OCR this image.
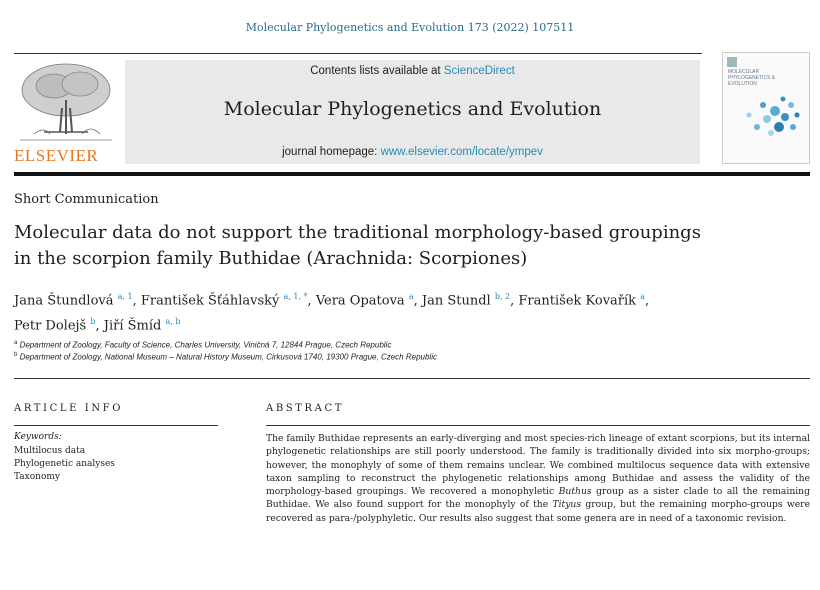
Molecular Phylogenetics and Evolution 173 (2022) 107511
ELSEVIER
Contents lists available at ScienceDirect
Molecular Phylogenetics and Evolution
journal homepage: www.elsevier.com/locate/ympev
MOLECULAR PHYLOGENETICS & EVOLUTION
Short Communication
Molecular data do not support the traditional morphology-based groupings
in the scorpion family Buthidae (Arachnida: Scorpiones)
Jana Štundlová $^{a, 1}$, František Šťáhlavský $^{a, 1, *}$, Vera Opatova $^a$, Jan Stundl $^{b, 2}$, František Kovařík $^a$,
Petr Dolejš $^b$, Jiří Šmíd $^{a, b}$
$^a$ Department of Zoology, Faculty of Science, Charles University, Viničná 7, 12844 Prague, Czech Republic
$^b$ Department of Zoology, National Museum – Natural History Museum, Cirkusová 1740, 19300 Prague, Czech Republic
ARTICLE INFO
Keywords:
Multilocus data
Phylogenetic analyses
Taxonomy
ABSTRACT
The family Buthidae represents an early-diverging and most species-rich lineage of extant scorpions, but its internal phylogenetic relationships are still poorly understood. The family is traditionally divided into six morpho-groups; however, the monophyly of some of them remains unclear. We combined multilocus sequence data with extensive taxon sampling to reconstruct the phylogenetic relationships among Buthidae and assess the validity of the morphology-based groupings. We recovered a monophyletic Buthus group as a sister clade to all the remaining Buthidae. We also found support for the monophyly of the Tityus group, but the remaining morpho-groups were recovered as para-/polyphyletic. Our results also suggest that some genera are in need of a taxonomic revision.
